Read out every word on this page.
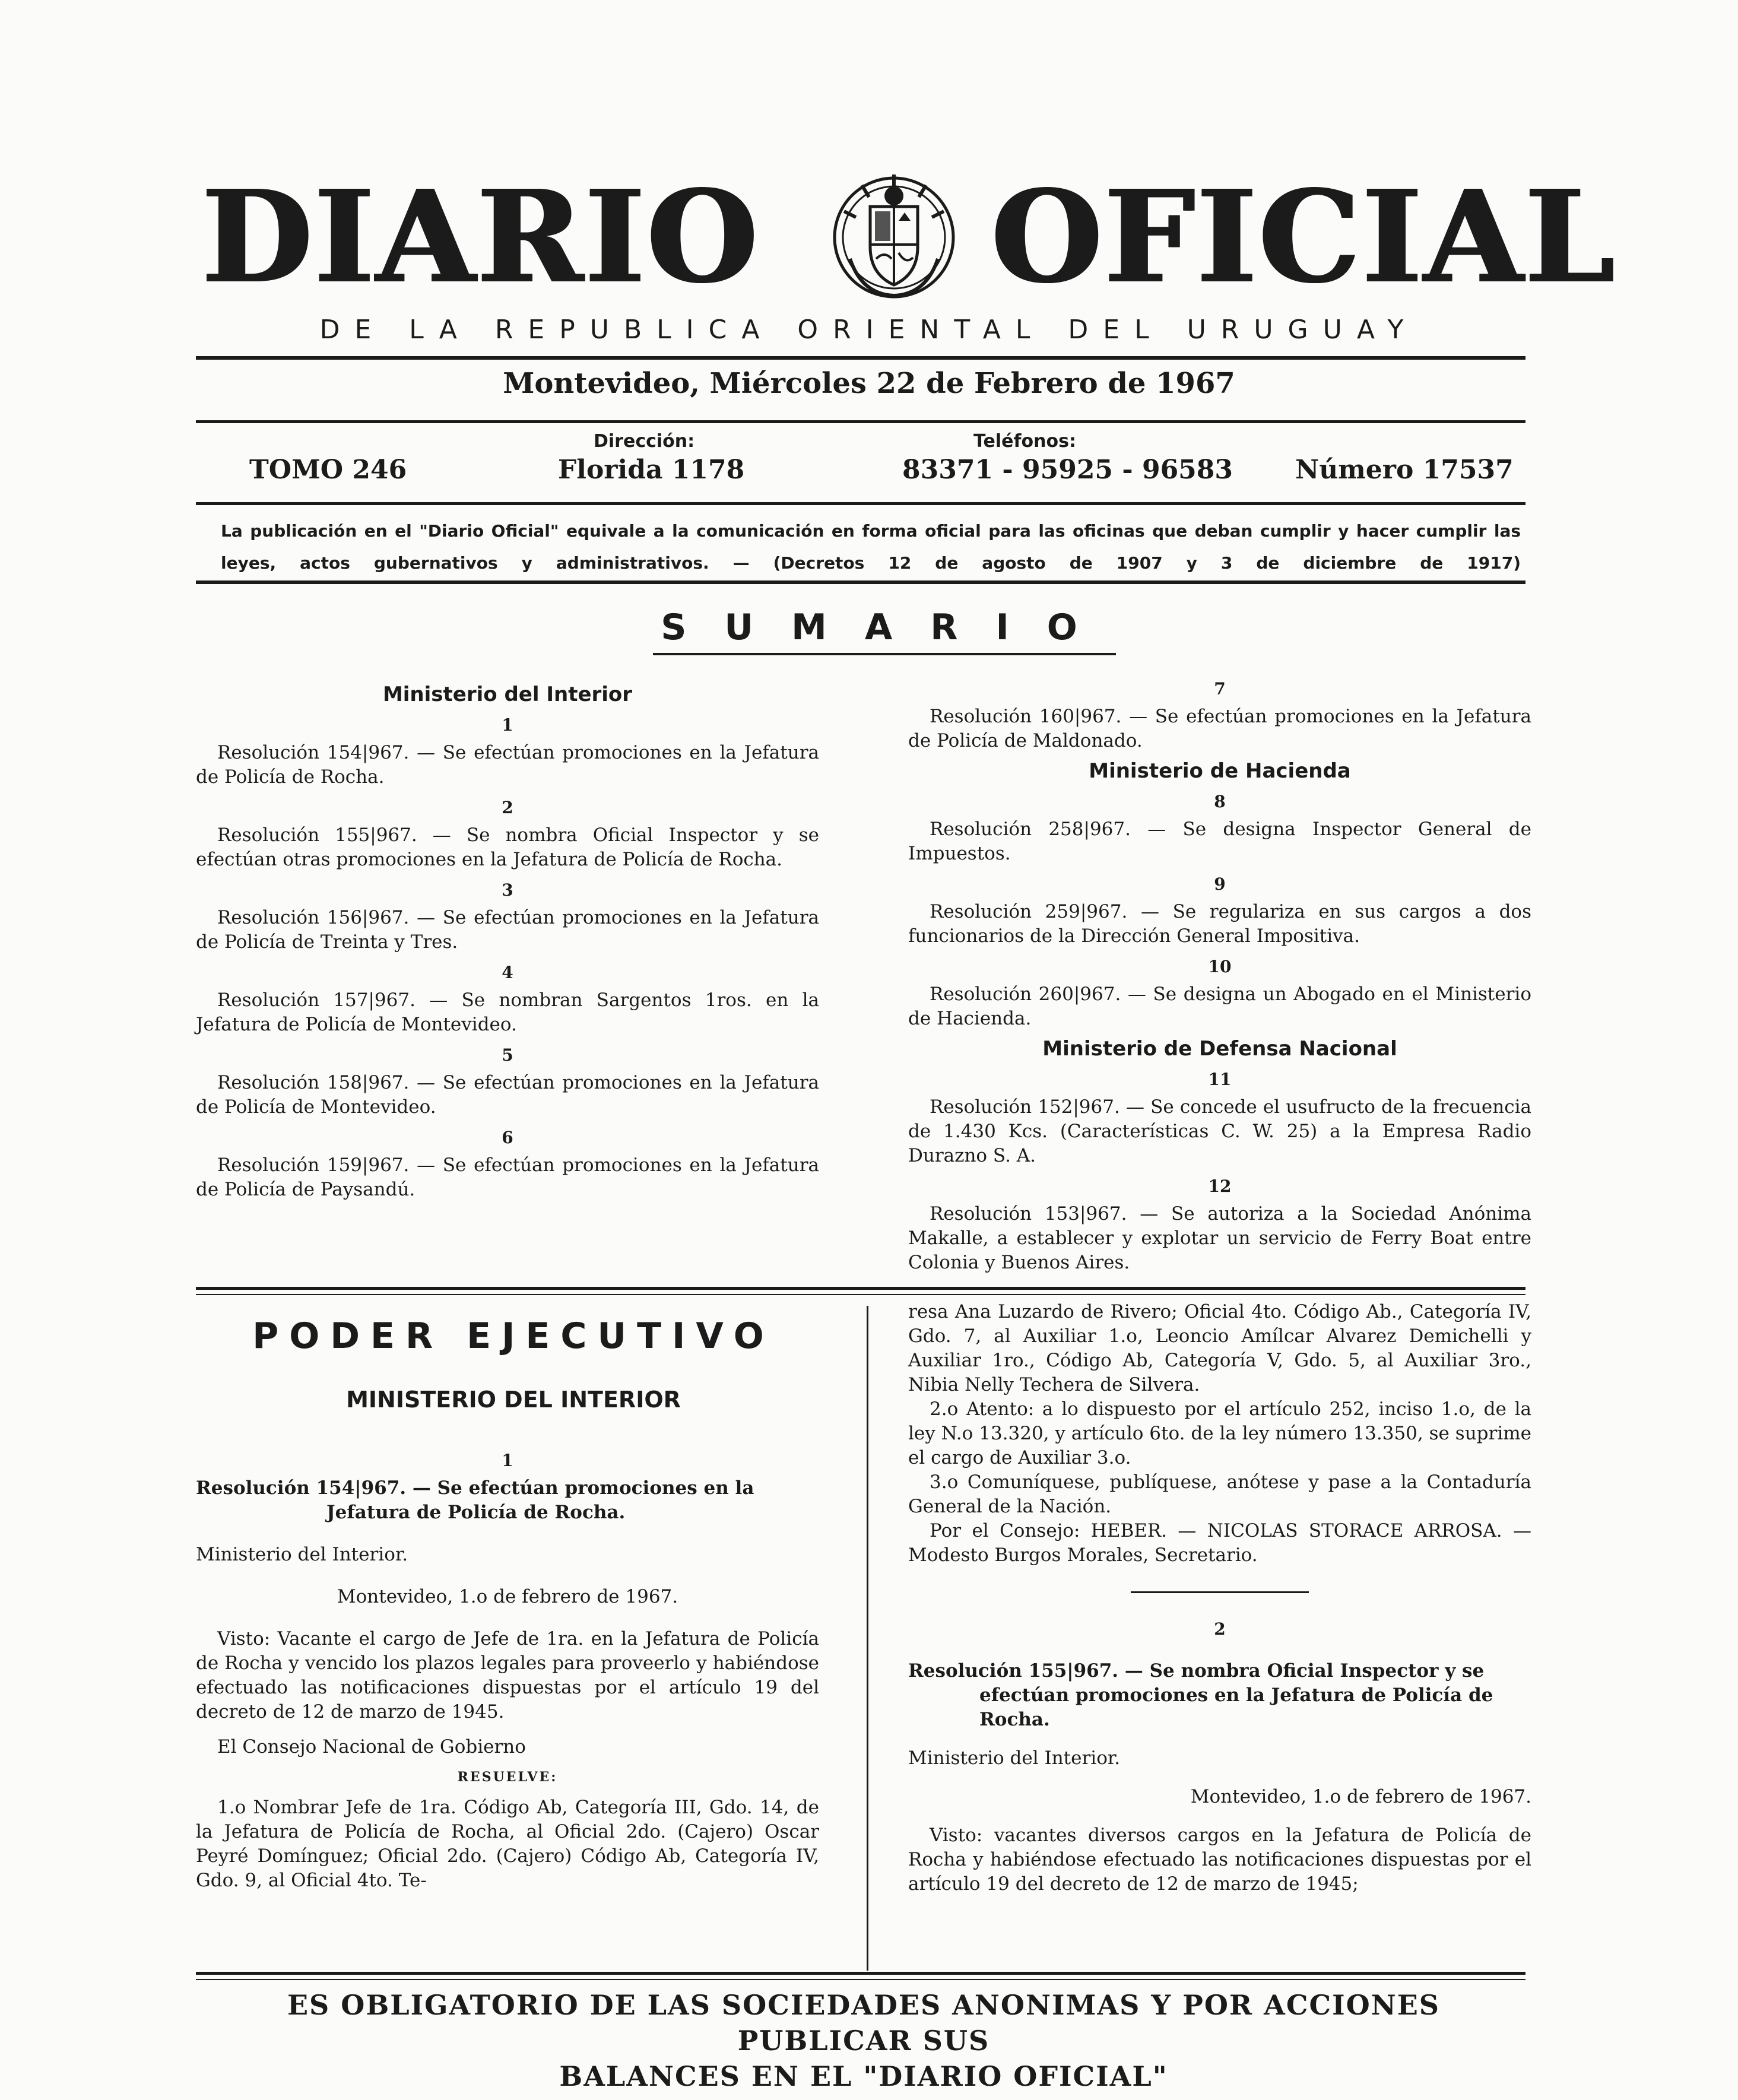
DIARIO	OFICIAL
DE LA REPUBLICA ORIENTAL DEL URUGUAY
Montevideo, Miércoles 22 de Febrero de 1967
TOMO 246
Dirección:
Florida 1178
Teléfonos:
83371 - 95925 - 96583 Número 17537
La publicación en el "Diario Oficial" equivale a la comunicación en forma oficial para las oficinas que deban cumplir y hacer cumplir las leyes, actos gubernativos y administrativos. — (Decretos 12 de agosto de 1907 y 3 de diciembre de 1917)
SUMARIO

Ministerio del Interior

1

Resolución 154|967. — Se efectúan promociones en la Jefatura de Policía de Rocha.

2

Resolución 155|967. — Se nombra Oficial Inspector y se efectúan otras promociones en la Jefatura de Policía de Rocha.

3

Resolución 156|967. — Se efectúan promociones en la Jefatura de Policía de Treinta y Tres.

4

Resolución 157|967. — Se nombran Sargentos 1ros. en la Jefatura de Policía de Montevideo.

5

Resolución 158|967. — Se efectúan promociones en la Jefatura de Policía de Montevideo.

6

Resolución 159|967. — Se efectúan promociones en la Jefatura de Policía de Paysandú.

7

Resolución 160|967. — Se efectúan promociones en la Jefatura de Policía de Maldonado.

Ministerio de Hacienda

8

Resolución 258|967. — Se designa Inspector General de Impuestos.

9

Resolución 259|967. — Se regulariza en sus cargos a dos funcionarios de la Dirección General Impositiva.

10

Resolución 260|967. — Se designa un Abogado en el Ministerio de Hacienda.

Ministerio de Defensa Nacional

11

Resolución 152|967. — Se concede el usufructo de la frecuencia de 1.430 Kcs. (Características C. W. 25) a la Empresa Radio Durazno S. A.

12

Resolución 153|967. — Se autoriza a la Sociedad Anónima Makalle, a establecer y explotar un servicio de Ferry Boat entre Colonia y Buenos Aires.

PODER EJECUTIVO
MINISTERIO DEL INTERIOR

1

Resolución 154|967. — Se efectúan promociones en la

Jefatura de Policía de Rocha.

Ministerio del Interior.

Montevideo, 1.o de febrero de 1967.

Visto: Vacante el cargo de Jefe de 1ra. en la Jefatura de Policía de Rocha y vencido los plazos legales para proveerlo y habiéndose efectuado las notificaciones dispuestas por el artículo 19 del decreto de 12 de marzo de 1945.

El Consejo Nacional de Gobierno

RESUELVE:

1.o Nombrar Jefe de 1ra. Código Ab, Categoría III, Gdo. 14, de la Jefatura de Policía de Rocha, al Oficial 2do. (Cajero) Oscar Peyré Domínguez; Oficial 2do. (Cajero) Código Ab, Categoría IV, Gdo. 9, al Oficial 4to. Te-

resa Ana Luzardo de Rivero; Oficial 4to. Código Ab., Categoría IV, Gdo. 7, al Auxiliar 1.o, Leoncio Amílcar Alvarez Demichelli y Auxiliar 1ro., Código Ab, Categoría V, Gdo. 5, al Auxiliar 3ro., Nibia Nelly Techera de Silvera.

2.o Atento: a lo dispuesto por el artículo 252, inciso 1.o, de la ley N.o 13.320, y artículo 6to. de la ley número 13.350, se suprime el cargo de Auxiliar 3.o.

3.o Comuníquese, publíquese, anótese y pase a la Contaduría General de la Nación.

Por el Consejo: HEBER. — NICOLAS STORACE ARROSA. — Modesto Burgos Morales, Secretario.

2

Resolución 155|967. — Se nombra Oficial Inspector y se

efectúan promociones en la Jefatura de Policía de

Rocha.

Ministerio del Interior.

Montevideo, 1.o de febrero de 1967.

Visto: vacantes diversos cargos en la Jefatura de Policía de Rocha y habiéndose efectuado las notificaciones dispuestas por el artículo 19 del decreto de 12 de marzo de 1945;

ES OBLIGATORIO DE LAS SOCIEDADES ANONIMAS Y POR ACCIONES PUBLICAR SUS
BALANCES EN EL "DIARIO OFICIAL"
